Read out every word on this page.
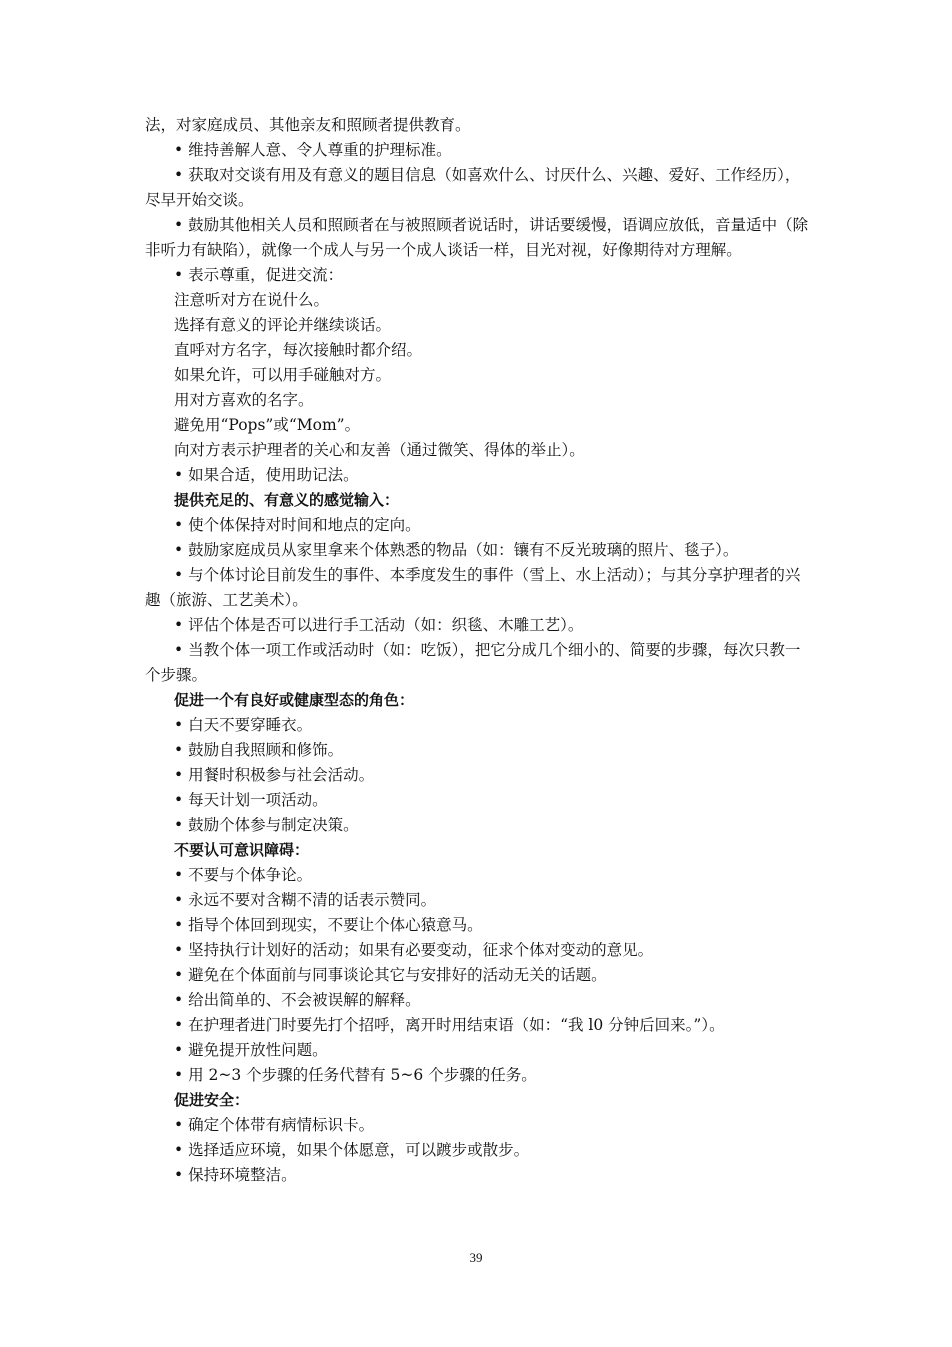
法，对家庭成员、其他亲友和照顾者提供教育。

• 维持善解人意、令人尊重的护理标准。

• 获取对交谈有用及有意义的题目信息（如喜欢什么、讨厌什么、兴趣、爱好、工作经历），尽早开始交谈。

• 鼓励其他相关人员和照顾者在与被照顾者说话时，讲话要缓慢，语调应放低，音量适中（除非听力有缺陷），就像一个成人与另一个成人谈话一样，目光对视，好像期待对方理解。

• 表示尊重，促进交流：

注意听对方在说什么。

选择有意义的评论并继续谈话。

直呼对方名字，每次接触时都介绍。

如果允许，可以用手碰触对方。

用对方喜欢的名字。

避免用“Pops”或“Mom”。

向对方表示护理者的关心和友善（通过微笑、得体的举止）。

• 如果合适，使用助记法。

提供充足的、有意义的感觉输入：

• 使个体保持对时间和地点的定向。

• 鼓励家庭成员从家里拿来个体熟悉的物品（如：镶有不反光玻璃的照片、毯子）。

• 与个体讨论目前发生的事件、本季度发生的事件（雪上、水上活动）；与其分享护理者的兴趣（旅游、工艺美术）。

• 评估个体是否可以进行手工活动（如：织毯、木雕工艺）。

• 当教个体一项工作或活动时（如：吃饭），把它分成几个细小的、简要的步骤，每次只教一个步骤。

促进一个有良好或健康型态的角色：

• 白天不要穿睡衣。

• 鼓励自我照顾和修饰。

• 用餐时积极参与社会活动。

• 每天计划一项活动。

• 鼓励个体参与制定决策。

不要认可意识障碍：

• 不要与个体争论。

• 永远不要对含糊不清的话表示赞同。

• 指导个体回到现实，不要让个体心猿意马。

• 坚持执行计划好的活动；如果有必要变动，征求个体对变动的意见。

• 避免在个体面前与同事谈论其它与安排好的活动无关的话题。

• 给出简单的、不会被误解的解释。

• 在护理者进门时要先打个招呼，离开时用结束语（如：“我 l0 分钟后回来。”）。

• 避免提开放性问题。

• 用 2~3 个步骤的任务代替有 5~6 个步骤的任务。

促进安全：

• 确定个体带有病情标识卡。

• 选择适应环境，如果个体愿意，可以踱步或散步。

• 保持环境整洁。

39
